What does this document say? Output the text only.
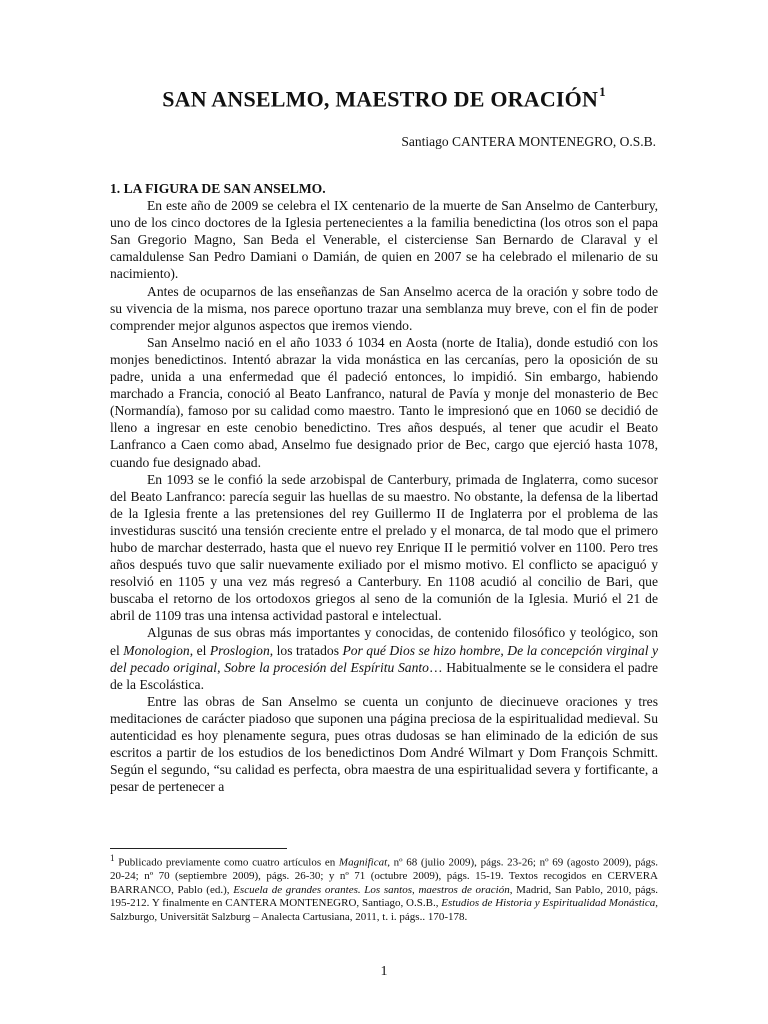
SAN ANSELMO, MAESTRO DE ORACIÓN$^1$
Santiago CANTERA MONTENEGRO, O.S.B.
1. LA FIGURA DE SAN ANSELMO.

En este año de 2009 se celebra el IX centenario de la muerte de San Anselmo de Canterbury, uno de los cinco doctores de la Iglesia pertenecientes a la familia benedictina (los otros son el papa San Gregorio Magno, San Beda el Venerable, el cisterciense San Bernardo de Claraval y el camaldulense San Pedro Damiani o Damián, de quien en 2007 se ha celebrado el milenario de su nacimiento).

Antes de ocuparnos de las enseñanzas de San Anselmo acerca de la oración y sobre todo de su vivencia de la misma, nos parece oportuno trazar una semblanza muy breve, con el fin de poder comprender mejor algunos aspectos que iremos viendo.

San Anselmo nació en el año 1033 ó 1034 en Aosta (norte de Italia), donde estudió con los monjes benedictinos. Intentó abrazar la vida monástica en las cercanías, pero la oposición de su padre, unida a una enfermedad que él padeció entonces, lo impidió. Sin embargo, habiendo marchado a Francia, conoció al Beato Lanfranco, natural de Pavía y monje del monasterio de Bec (Normandía), famoso por su calidad como maestro. Tanto le impresionó que en 1060 se decidió de lleno a ingresar en este cenobio benedictino. Tres años después, al tener que acudir el Beato Lanfranco a Caen como abad, Anselmo fue designado prior de Bec, cargo que ejerció hasta 1078, cuando fue designado abad.

En 1093 se le confió la sede arzobispal de Canterbury, primada de Inglaterra, como sucesor del Beato Lanfranco: parecía seguir las huellas de su maestro. No obstante, la defensa de la libertad de la Iglesia frente a las pretensiones del rey Guillermo II de Inglaterra por el problema de las investiduras suscitó una tensión creciente entre el prelado y el monarca, de tal modo que el primero hubo de marchar desterrado, hasta que el nuevo rey Enrique II le permitió volver en 1100. Pero tres años después tuvo que salir nuevamente exiliado por el mismo motivo. El conflicto se apaciguó y resolvió en 1105 y una vez más regresó a Canterbury. En 1108 acudió al concilio de Bari, que buscaba el retorno de los ortodoxos griegos al seno de la comunión de la Iglesia. Murió el 21 de abril de 1109 tras una intensa actividad pastoral e intelectual.

Algunas de sus obras más importantes y conocidas, de contenido filosófico y teológico, son el Monologion, el Proslogion, los tratados Por qué Dios se hizo hombre, De la concepción virginal y del pecado original, Sobre la procesión del Espíritu Santo… Habitualmente se le considera el padre de la Escolástica.

Entre las obras de San Anselmo se cuenta un conjunto de diecinueve oraciones y tres meditaciones de carácter piadoso que suponen una página preciosa de la espiritualidad medieval. Su autenticidad es hoy plenamente segura, pues otras dudosas se han eliminado de la edición de sus escritos a partir de los estudios de los benedictinos Dom André Wilmart y Dom François Schmitt. Según el segundo, “su calidad es perfecta, obra maestra de una espiritualidad severa y fortificante, a pesar de pertenecer a

$^1$ Publicado previamente como cuatro artículos en Magnificat, nº 68 (julio 2009), págs. 23-26; nº 69 (agosto 2009), págs. 20-24; nº 70 (septiembre 2009), págs. 26-30; y nº 71 (octubre 2009), págs. 15-19. Textos recogidos en CERVERA BARRANCO, Pablo (ed.), Escuela de grandes orantes. Los santos, maestros de oración, Madrid, San Pablo, 2010, págs. 195-212. Y finalmente en CANTERA MONTENEGRO, Santiago, O.S.B., Estudios de Historia y Espiritualidad Monástica, Salzburgo, Universität Salzburg – Analecta Cartusiana, 2011, t. i. págs.. 170-178.
1
